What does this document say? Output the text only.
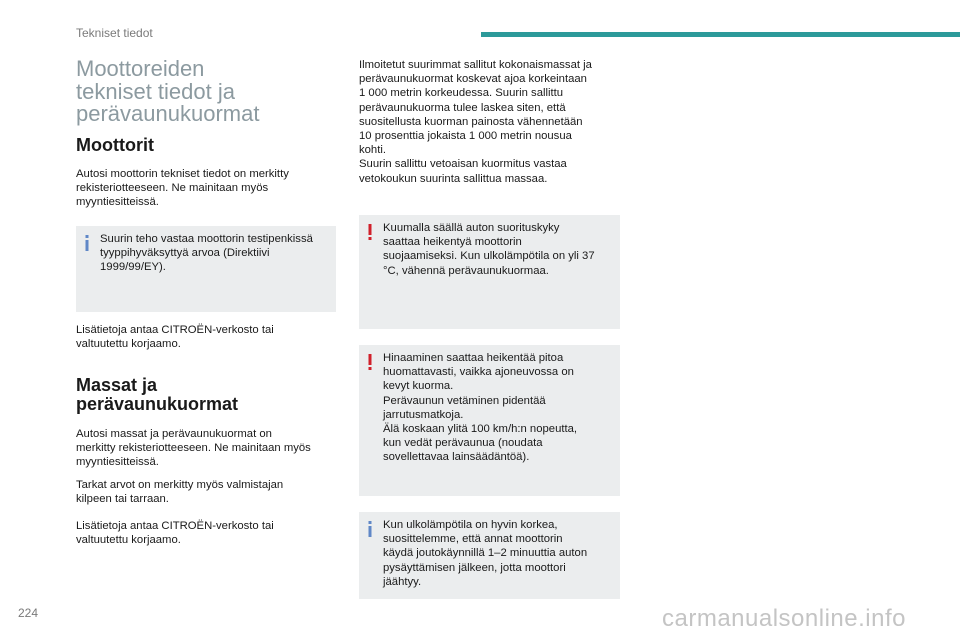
Tekniset tiedot
Moottoreiden
tekniset tiedot ja
perävaunukuormat
Moottorit
Autosi moottorin tekniset tiedot on merkitty
rekisteriotteeseen. Ne mainitaan myös
myyntiesitteissä.
Suurin teho vastaa moottorin testipenkissä
tyyppihyväksyttyä arvoa (Direktiivi
1999/99/EY).
Lisätietoja antaa CITROËN-verkosto tai
valtuutettu korjaamo.
Massat ja
perävaunukuormat
Autosi massat ja perävaunukuormat on
merkitty rekisteriotteeseen. Ne mainitaan myös
myyntiesitteissä.
Tarkat arvot on merkitty myös valmistajan
kilpeen tai tarraan.
Lisätietoja antaa CITROËN-verkosto tai
valtuutettu korjaamo.
Ilmoitetut suurimmat sallitut kokonaismassat ja
perävaunukuormat koskevat ajoa korkeintaan
1 000 metrin korkeudessa. Suurin sallittu
perävaunukuorma tulee laskea siten, että
suositellusta kuorman painosta vähennetään
10 prosenttia jokaista 1 000 metrin nousua
kohti.
Suurin sallittu vetoaisan kuormitus vastaa
vetokoukun suurinta sallittua massaa.
Kuumalla säällä auton suorituskyky
saattaa heikentyä moottorin
suojaamiseksi. Kun ulkolämpötila on yli 37
°C, vähennä perävaunukuormaa.
Hinaaminen saattaa heikentää pitoa
huomattavasti, vaikka ajoneuvossa on
kevyt kuorma.
Perävaunun vetäminen pidentää
jarrutusmatkoja.
Älä koskaan ylitä 100 km/h:n nopeutta,
kun vedät perävaunua (noudata
sovellettavaa lainsäädäntöä).
Kun ulkolämpötila on hyvin korkea,
suosittelemme, että annat moottorin
käydä joutokäynnillä 1–2 minuuttia auton
pysäyttämisen jälkeen, jotta moottori
jäähtyy.
224	carmanualsonline.info
